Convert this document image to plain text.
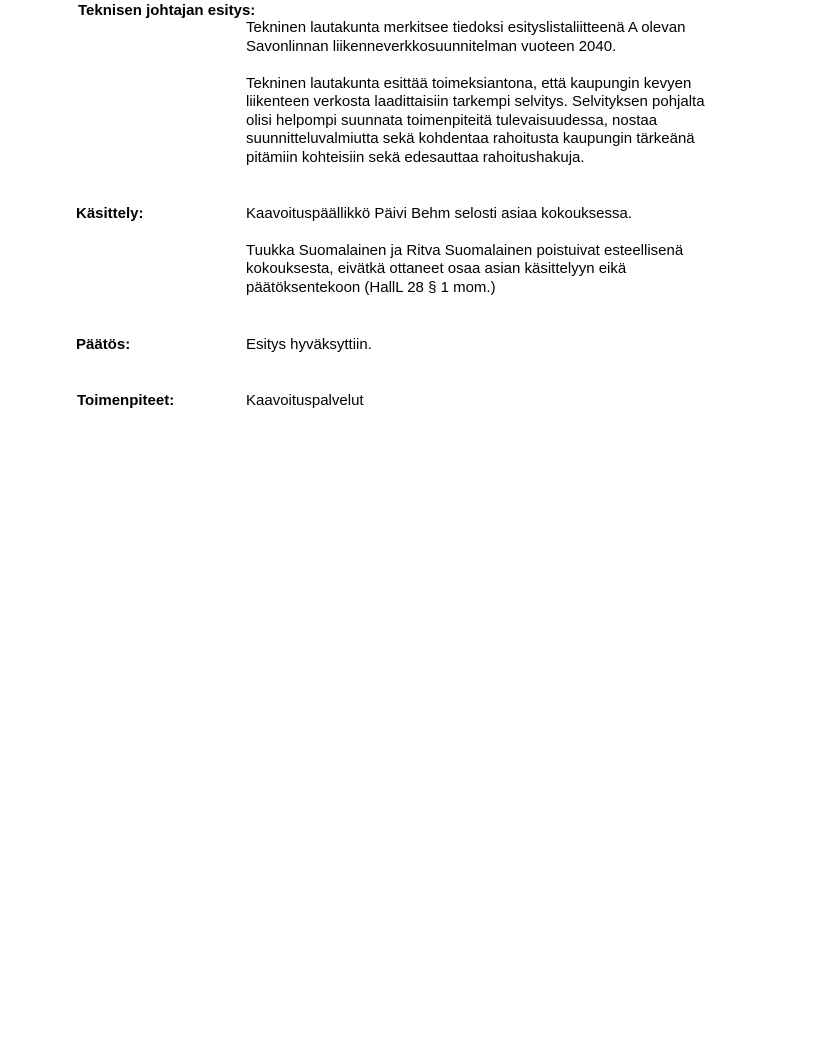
Teknisen johtajan esitys:

Tekninen lautakunta merkitsee tiedoksi esityslistaliitteenä A olevan
Savonlinnan liikenneverkkosuunnitelman vuoteen 2040.

Tekninen lautakunta esittää toimeksiantona, että kaupungin kevyen
liikenteen verkosta laadittaisiin tarkempi selvitys. Selvityksen pohjalta
olisi helpompi suunnata toimenpiteitä tulevaisuudessa, nostaa
suunnitteluvalmiutta sekä kohdentaa rahoitusta kaupungin tärkeänä
pitämiin kohteisiin sekä edesauttaa rahoitushakuja.

Käsittely:	Kaavoituspäällikkö Päivi Behm selosti asiaa kokouksessa.

Tuukka Suomalainen ja Ritva Suomalainen poistuivat esteellisenä
kokouksesta, eivätkä ottaneet osaa asian käsittelyyn eikä
päätöksentekoon (HallL 28 § 1 mom.)

Päätös:	Esitys hyväksyttiin.
Toimenpiteet:	Kaavoituspalvelut
